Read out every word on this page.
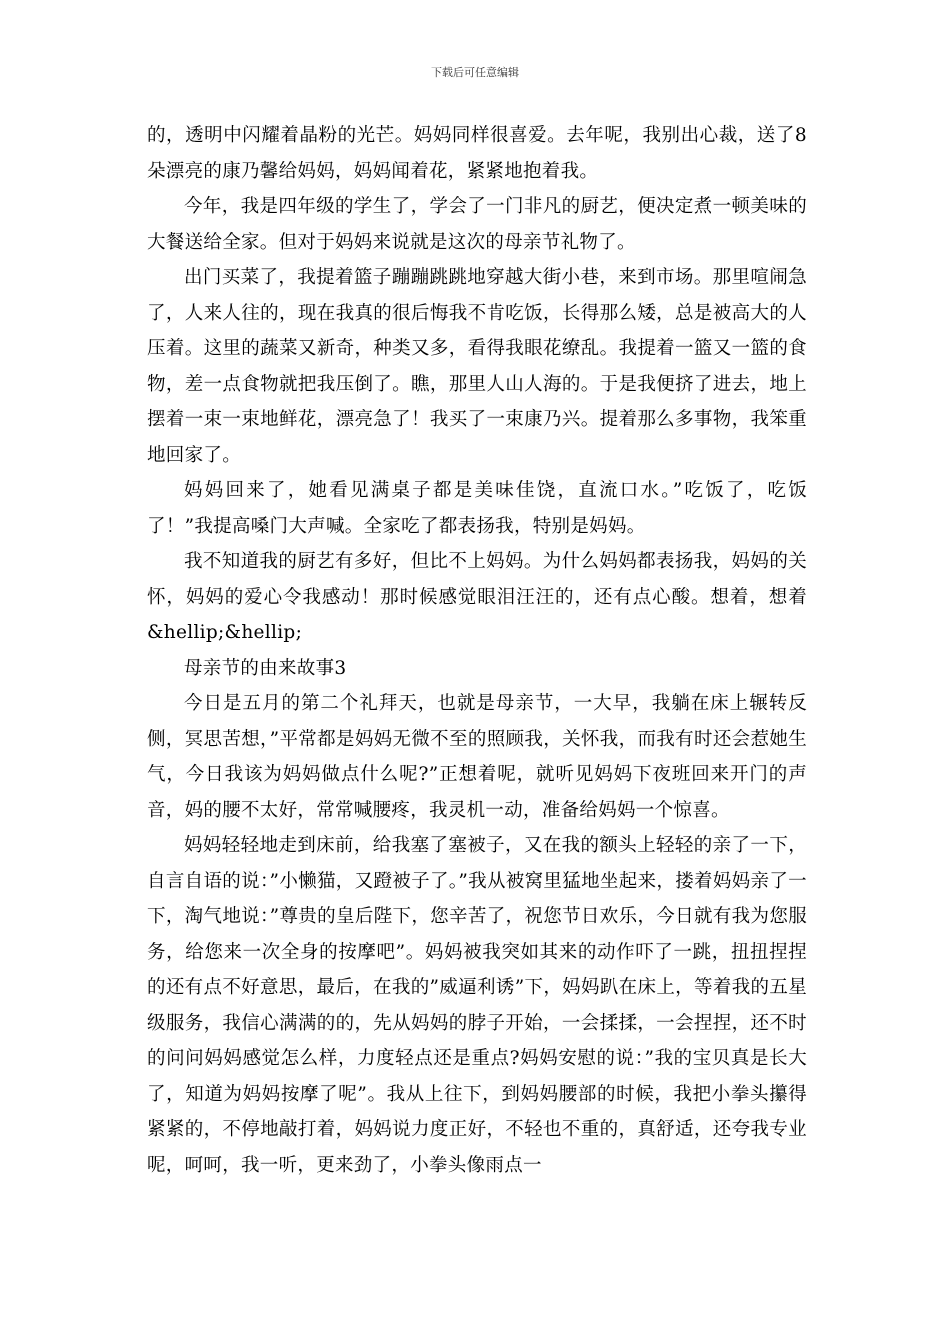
下载后可任意编辑

的，透明中闪耀着晶粉的光芒。妈妈同样很喜爱。去年呢，我别出心裁，送了8朵漂亮的康乃馨给妈妈，妈妈闻着花，紧紧地抱着我。

今年，我是四年级的学生了，学会了一门非凡的厨艺，便决定煮一顿美味的大餐送给全家。但对于妈妈来说就是这次的母亲节礼物了。

出门买菜了，我提着篮子蹦蹦跳跳地穿越大街小巷，来到市场。那里喧闹急了，人来人往的，现在我真的很后悔我不肯吃饭，长得那么矮，总是被高大的人压着。这里的蔬菜又新奇，种类又多，看得我眼花缭乱。我提着一篮又一篮的食物，差一点食物就把我压倒了。瞧，那里人山人海的。于是我便挤了进去，地上摆着一束一束地鲜花，漂亮急了！我买了一束康乃兴。提着那么多事物，我笨重地回家了。

妈妈回来了，她看见满桌子都是美味佳饶，直流口水。”吃饭了，吃饭了！”我提高嗓门大声喊。全家吃了都表扬我，特别是妈妈。

我不知道我的厨艺有多好，但比不上妈妈。为什么妈妈都表扬我，妈妈的关怀，妈妈的爱心令我感动！那时候感觉眼泪汪汪的，还有点心酸。想着，想着&hellip;&hellip;

母亲节的由来故事3

今日是五月的第二个礼拜天，也就是母亲节，一大早，我躺在床上辗转反侧，冥思苦想，”平常都是妈妈无微不至的照顾我，关怀我，而我有时还会惹她生气，今日我该为妈妈做点什么呢?”正想着呢，就听见妈妈下夜班回来开门的声音，妈的腰不太好，常常喊腰疼，我灵机一动，准备给妈妈一个惊喜。

妈妈轻轻地走到床前，给我塞了塞被子，又在我的额头上轻轻的亲了一下，自言自语的说：”小懒猫，又蹬被子了。”我从被窝里猛地坐起来，搂着妈妈亲了一下，淘气地说：”尊贵的皇后陛下，您辛苦了，祝您节日欢乐，今日就有我为您服务，给您来一次全身的按摩吧”。妈妈被我突如其来的动作吓了一跳，扭扭捏捏的还有点不好意思，最后，在我的”威逼利诱”下，妈妈趴在床上，等着我的五星级服务，我信心满满的的，先从妈妈的脖子开始，一会揉揉，一会捏捏，还不时的问问妈妈感觉怎么样，力度轻点还是重点?妈妈安慰的说：”我的宝贝真是长大了，知道为妈妈按摩了呢”。我从上往下，到妈妈腰部的时候，我把小拳头攥得紧紧的，不停地敲打着，妈妈说力度正好，不轻也不重的，真舒适，还夸我专业呢，呵呵，我一听，更来劲了，小拳头像雨点一
